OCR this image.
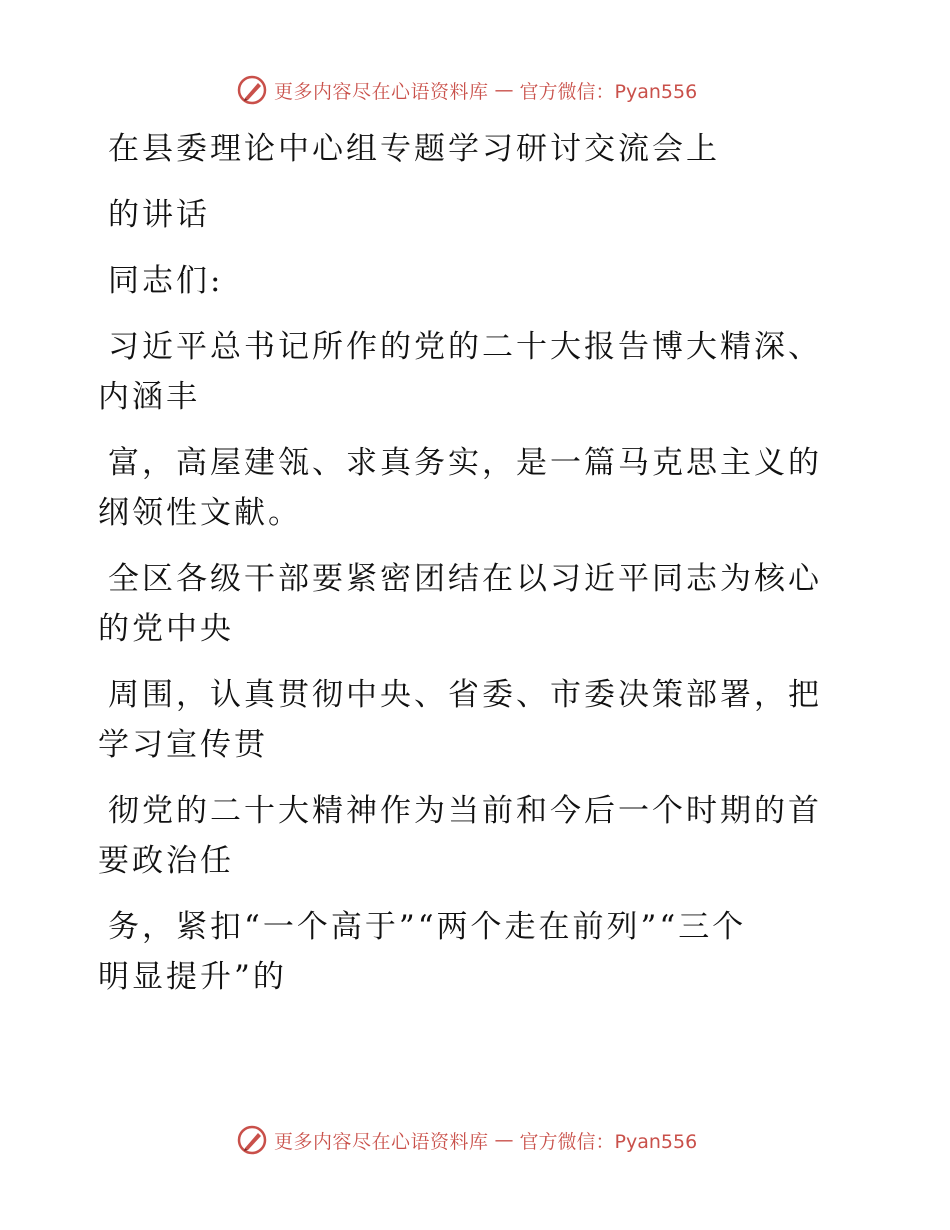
更多内容尽在心语资料库 — 官方微信：Pyan556
在县委理论中心组专题学习研讨交流会上
的讲话
同志们:
习近平总书记所作的党的二十大报告博大精深、
内涵丰
富，高屋建瓴、求真务实，是一篇马克思主义的
纲领性文献。
全区各级干部要紧密团结在以习近平同志为核心
的党中央
周围，认真贯彻中央、省委、市委决策部署，把
学习宣传贯
彻党的二十大精神作为当前和今后一个时期的首
要政治任
务，紧扣“一个高于”“两个走在前列”“三个
明显提升”的
更多内容尽在心语资料库 — 官方微信：Pyan556
